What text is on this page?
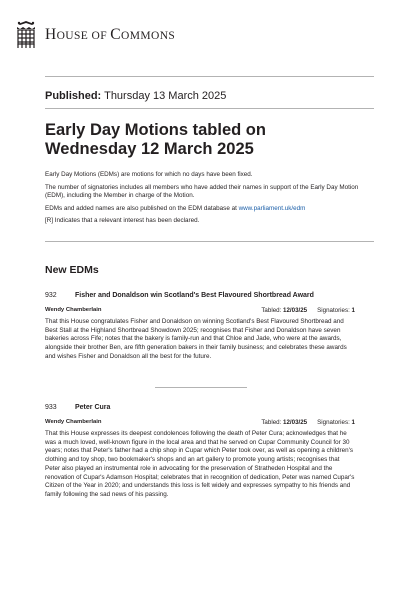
HOUSE OF COMMONS
Published: Thursday 13 March 2025
Early Day Motions tabled on
Wednesday 12 March 2025

Early Day Motions (EDMs) are motions for which no days have been fixed.

The number of signatories includes all members who have added their names in support of the Early Day Motion (EDM), including the Member in charge of the Motion.

EDMs and added names are also published on the EDM database at www.parliament.uk/edm

[R] Indicates that a relevant interest has been declared.

New EDMs
932	Fisher and Donaldson win Scotland's Best Flavoured Shortbread Award
Wendy Chamberlain	Tabled: 12/03/25 Signatories: 1
That this House congratulates Fisher and Donaldson on winning Scotland's Best Flavoured Shortbread and Best Stall at the Highland Shortbread Showdown 2025; recognises that Fisher and Donaldson have seven bakeries across Fife; notes that the bakery is family-run and that Chloe and Jade, who were at the awards, alongside their brother Ben, are fifth generation bakers in their family business; and celebrates these awards and wishes Fisher and Donaldson all the best for the future.
933	Peter Cura
Wendy Chamberlain	Tabled: 12/03/25 Signatories: 1
That this House expresses its deepest condolences following the death of Peter Cura; acknowledges that he was a much loved, well-known figure in the local area and that he served on Cupar Community Council for 30 years; notes that Peter's father had a chip shop in Cupar which Peter took over, as well as opening a children's clothing and toy shop, two bookmaker's shops and an art gallery to promote young artists; recognises that Peter also played an instrumental role in advocating for the preservation of Stratheden Hospital and the renovation of Cupar's Adamson Hospital; celebrates that in recognition of dedication, Peter was named Cupar's Citizen of the Year in 2020; and understands this loss is felt widely and expresses sympathy to his friends and family following the sad news of his passing.
